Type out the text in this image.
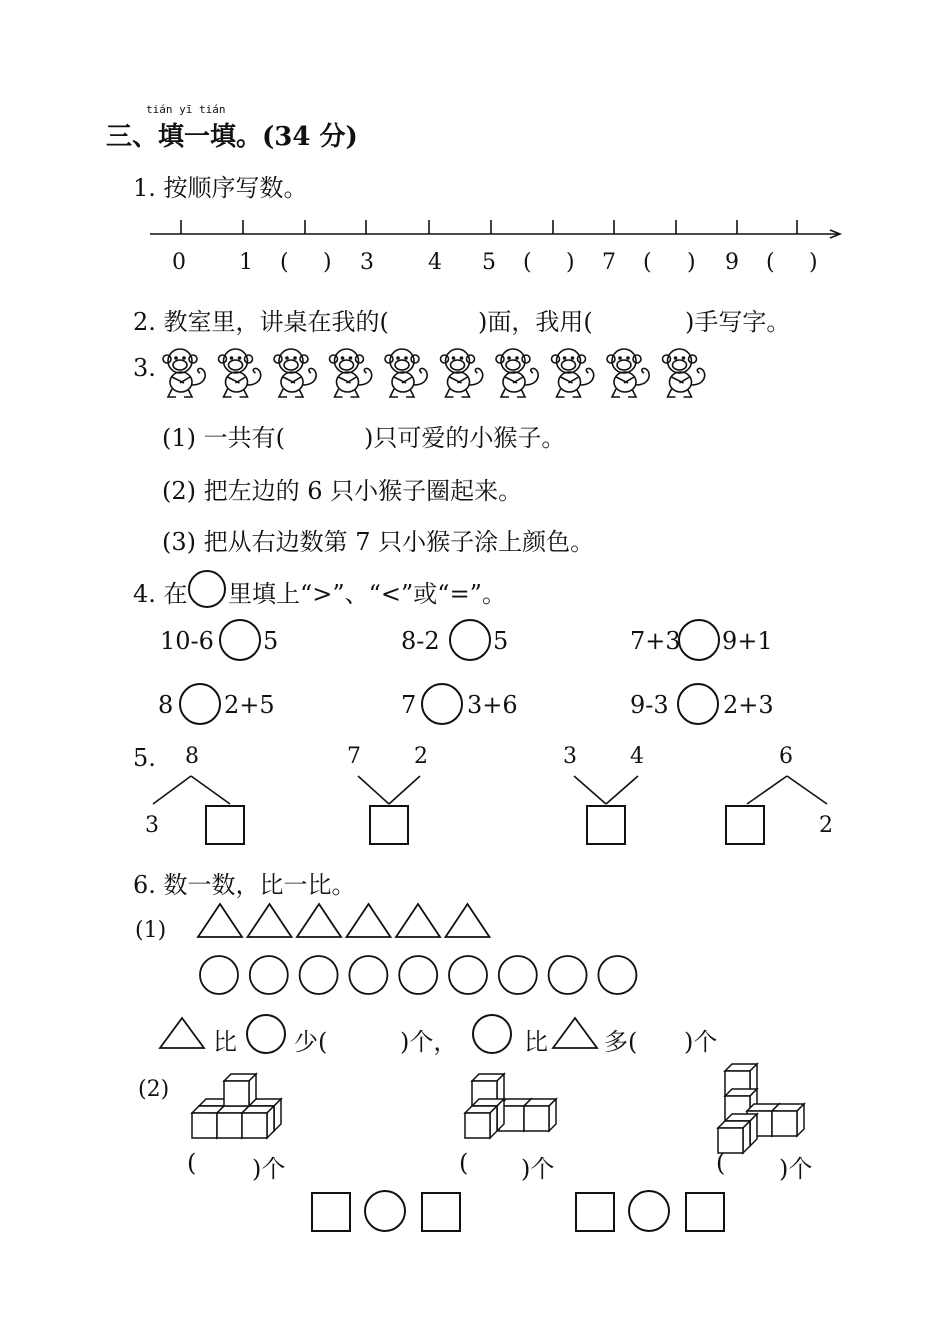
tián yī tián
三、填一填。(34 分)
1. 按顺序写数。
0 1 ( ) 3 4 5 ( ) 7 ( ) 9 ( )
2. 教室里，讲桌在我的(	)面，我用(	)手写字。
3.
(1) 一共有(	)只可爱的小猴子。
(2) 把左边的 6 只小猴子圈起来。
(3) 把从右边数第 7 只小猴子涂上颜色。
4. 在 里填上“>”、“<”或“=”。
10-6 5	8-2 5	7+3 9+1
8 2+5	7 3+6	9-3 2+3
5. 8
3
7 2	3 4	6
2
6. 数一数，比一比。
(1)
比 少(	)个，	比 多( )个
(2)
( )个	( )个	( )个
